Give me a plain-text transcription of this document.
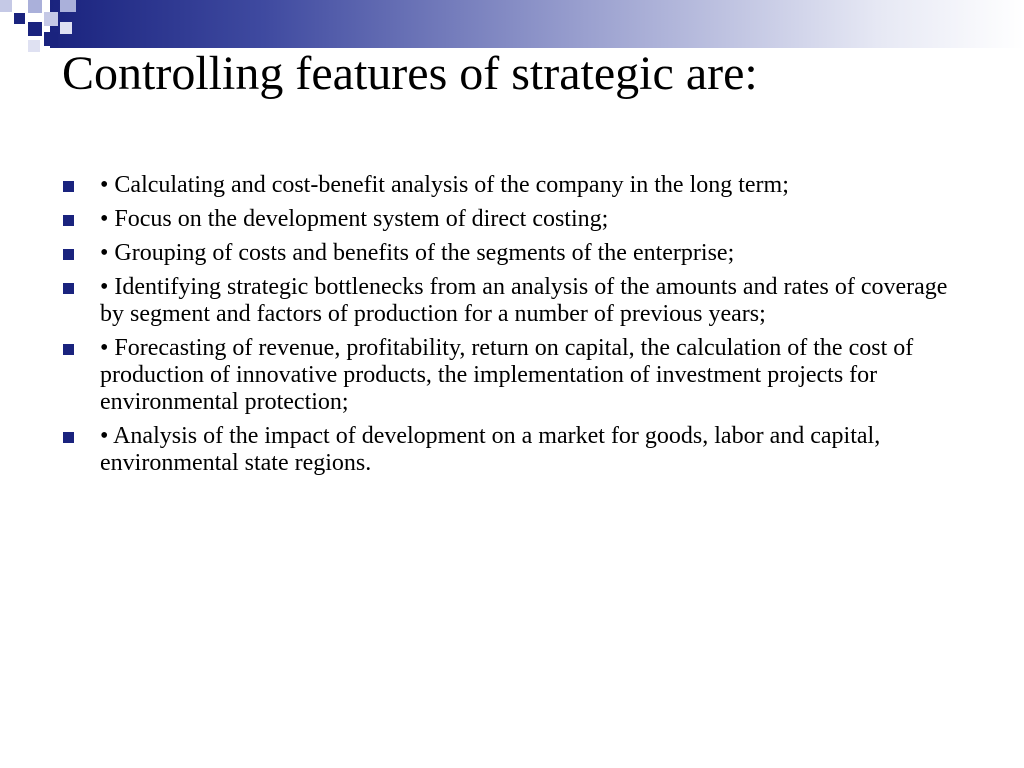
Controlling features of strategic are:
• Calculating and cost-benefit analysis of the company in the long term;
• Focus on the development system of direct costing;
• Grouping of costs and benefits of the segments of the enterprise;
• Identifying strategic bottlenecks from an analysis of the amounts and rates of coverage by segment and factors of production for a number of previous years;
• Forecasting of revenue, profitability, return on capital, the calculation of the cost of production of innovative products, the implementation of investment projects for environmental protection;
• Analysis of the impact of development on a market for goods, labor and capital, environmental state regions.
